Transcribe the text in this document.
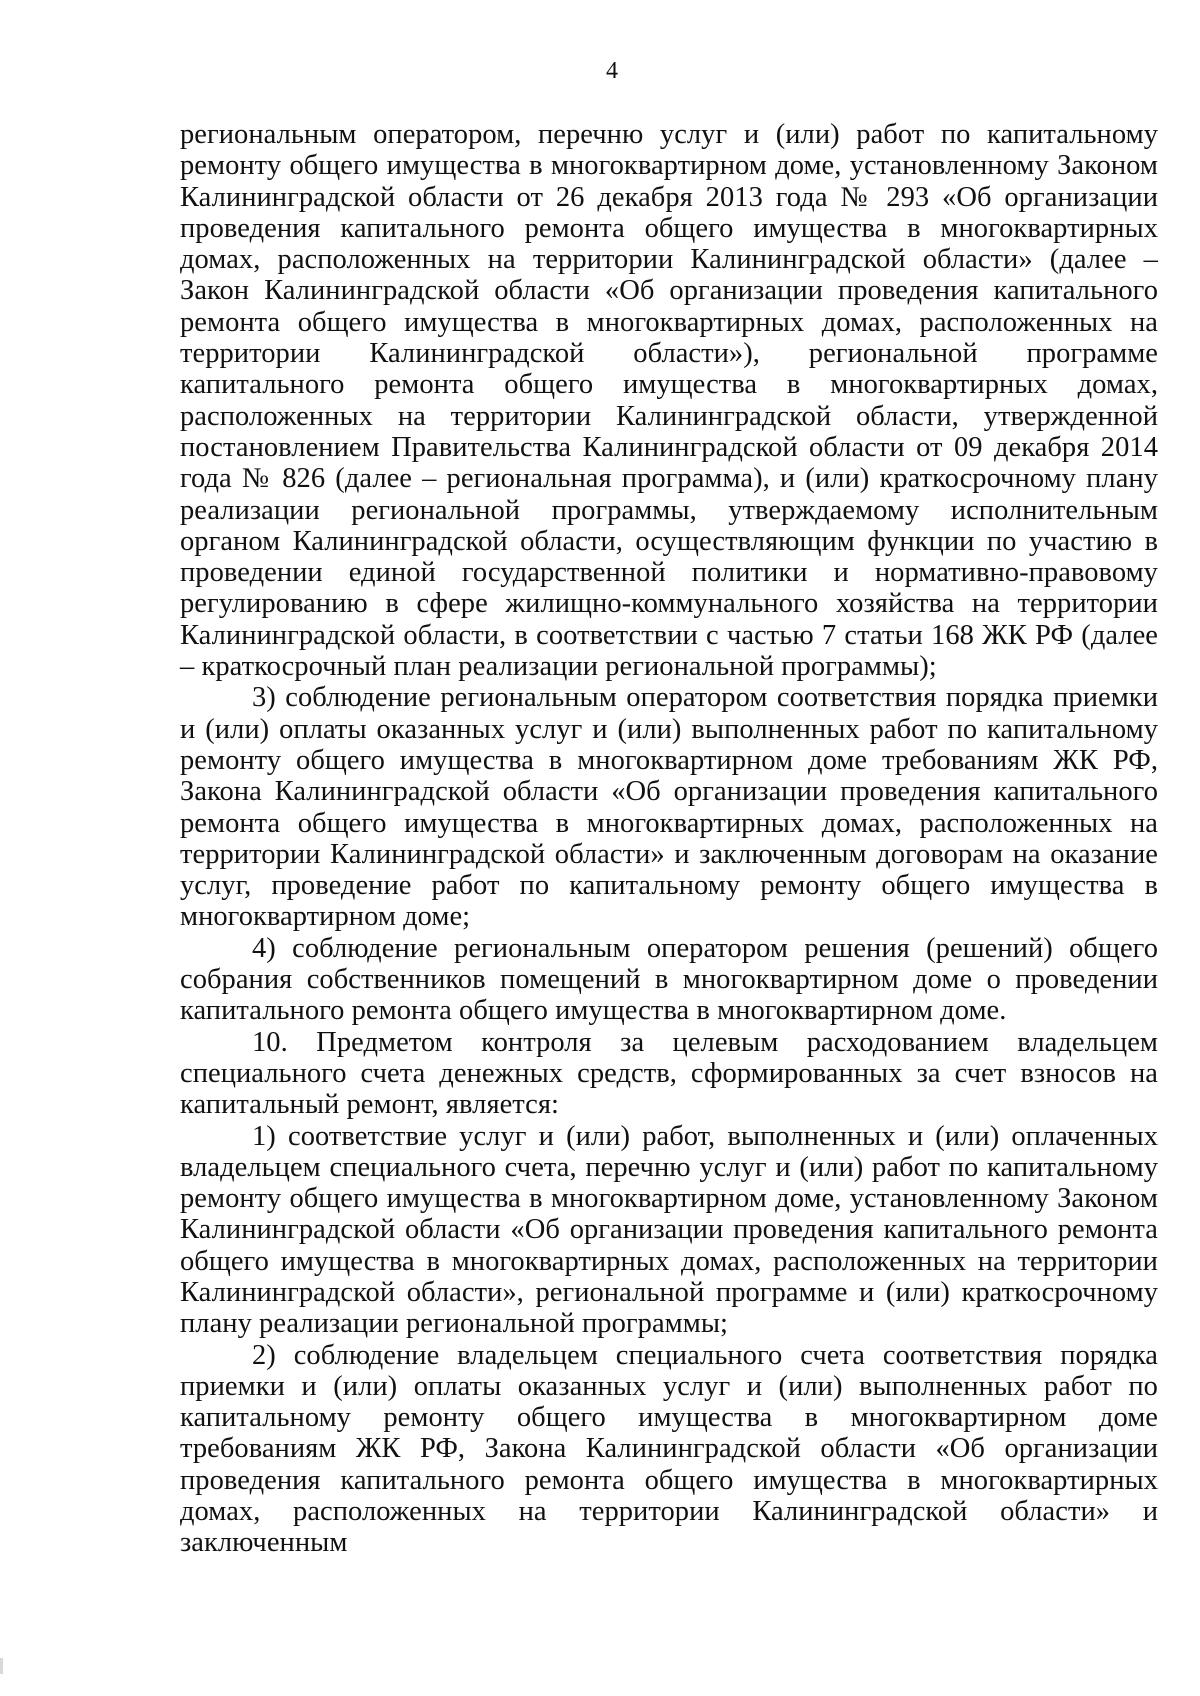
4

региональным оператором, перечню услуг и (или) работ по капитальному ремонту общего имущества в многоквартирном доме, установленному Законом Калининградской области от 26 декабря 2013 года № 293 «Об организации проведения капитального ремонта общего имущества в многоквартирных домах, расположенных на территории Калининградской области» (далее – Закон Калининградской области «Об организации проведения капитального ремонта общего имущества в многоквартирных домах, расположенных на территории Калининградской области»), региональной программе капитального ремонта общего имущества в многоквартирных домах, расположенных на территории Калининградской области, утвержденной постановлением Правительства Калининградской области от 09 декабря 2014 года № 826 (далее – региональная программа), и (или) краткосрочному плану реализации региональной программы, утверждаемому исполнительным органом Калининградской области, осуществляющим функции по участию в проведении единой государственной политики и нормативно-правовому регулированию в сфере жилищно-коммунального хозяйства на территории Калининградской области, в соответствии с частью 7 статьи 168 ЖК РФ (далее – краткосрочный план реализации региональной программы);

3) соблюдение региональным оператором соответствия порядка приемки и (или) оплаты оказанных услуг и (или) выполненных работ по капитальному ремонту общего имущества в многоквартирном доме требованиям ЖК РФ, Закона Калининградской области «Об организации проведения капитального ремонта общего имущества в многоквартирных домах, расположенных на территории Калининградской области» и заключенным договорам на оказание услуг, проведение работ по капитальному ремонту общего имущества в многоквартирном доме;

4) соблюдение региональным оператором решения (решений) общего собрания собственников помещений в многоквартирном доме о проведении капитального ремонта общего имущества в многоквартирном доме.

10. Предметом контроля за целевым расходованием владельцем специального счета денежных средств, сформированных за счет взносов на капитальный ремонт, является:

1) соответствие услуг и (или) работ, выполненных и (или) оплаченных владельцем специального счета, перечню услуг и (или) работ по капитальному ремонту общего имущества в многоквартирном доме, установленному Законом Калининградской области «Об организации проведения капитального ремонта общего имущества в многоквартирных домах, расположенных на территории Калининградской области», региональной программе и (или) краткосрочному плану реализации региональной программы;

2) соблюдение владельцем специального счета соответствия порядка приемки и (или) оплаты оказанных услуг и (или) выполненных работ по капитальному ремонту общего имущества в многоквартирном доме требованиям ЖК РФ, Закона Калининградской области «Об организации проведения капитального ремонта общего имущества в многоквартирных домах, расположенных на территории Калининградской области» и заключенным
